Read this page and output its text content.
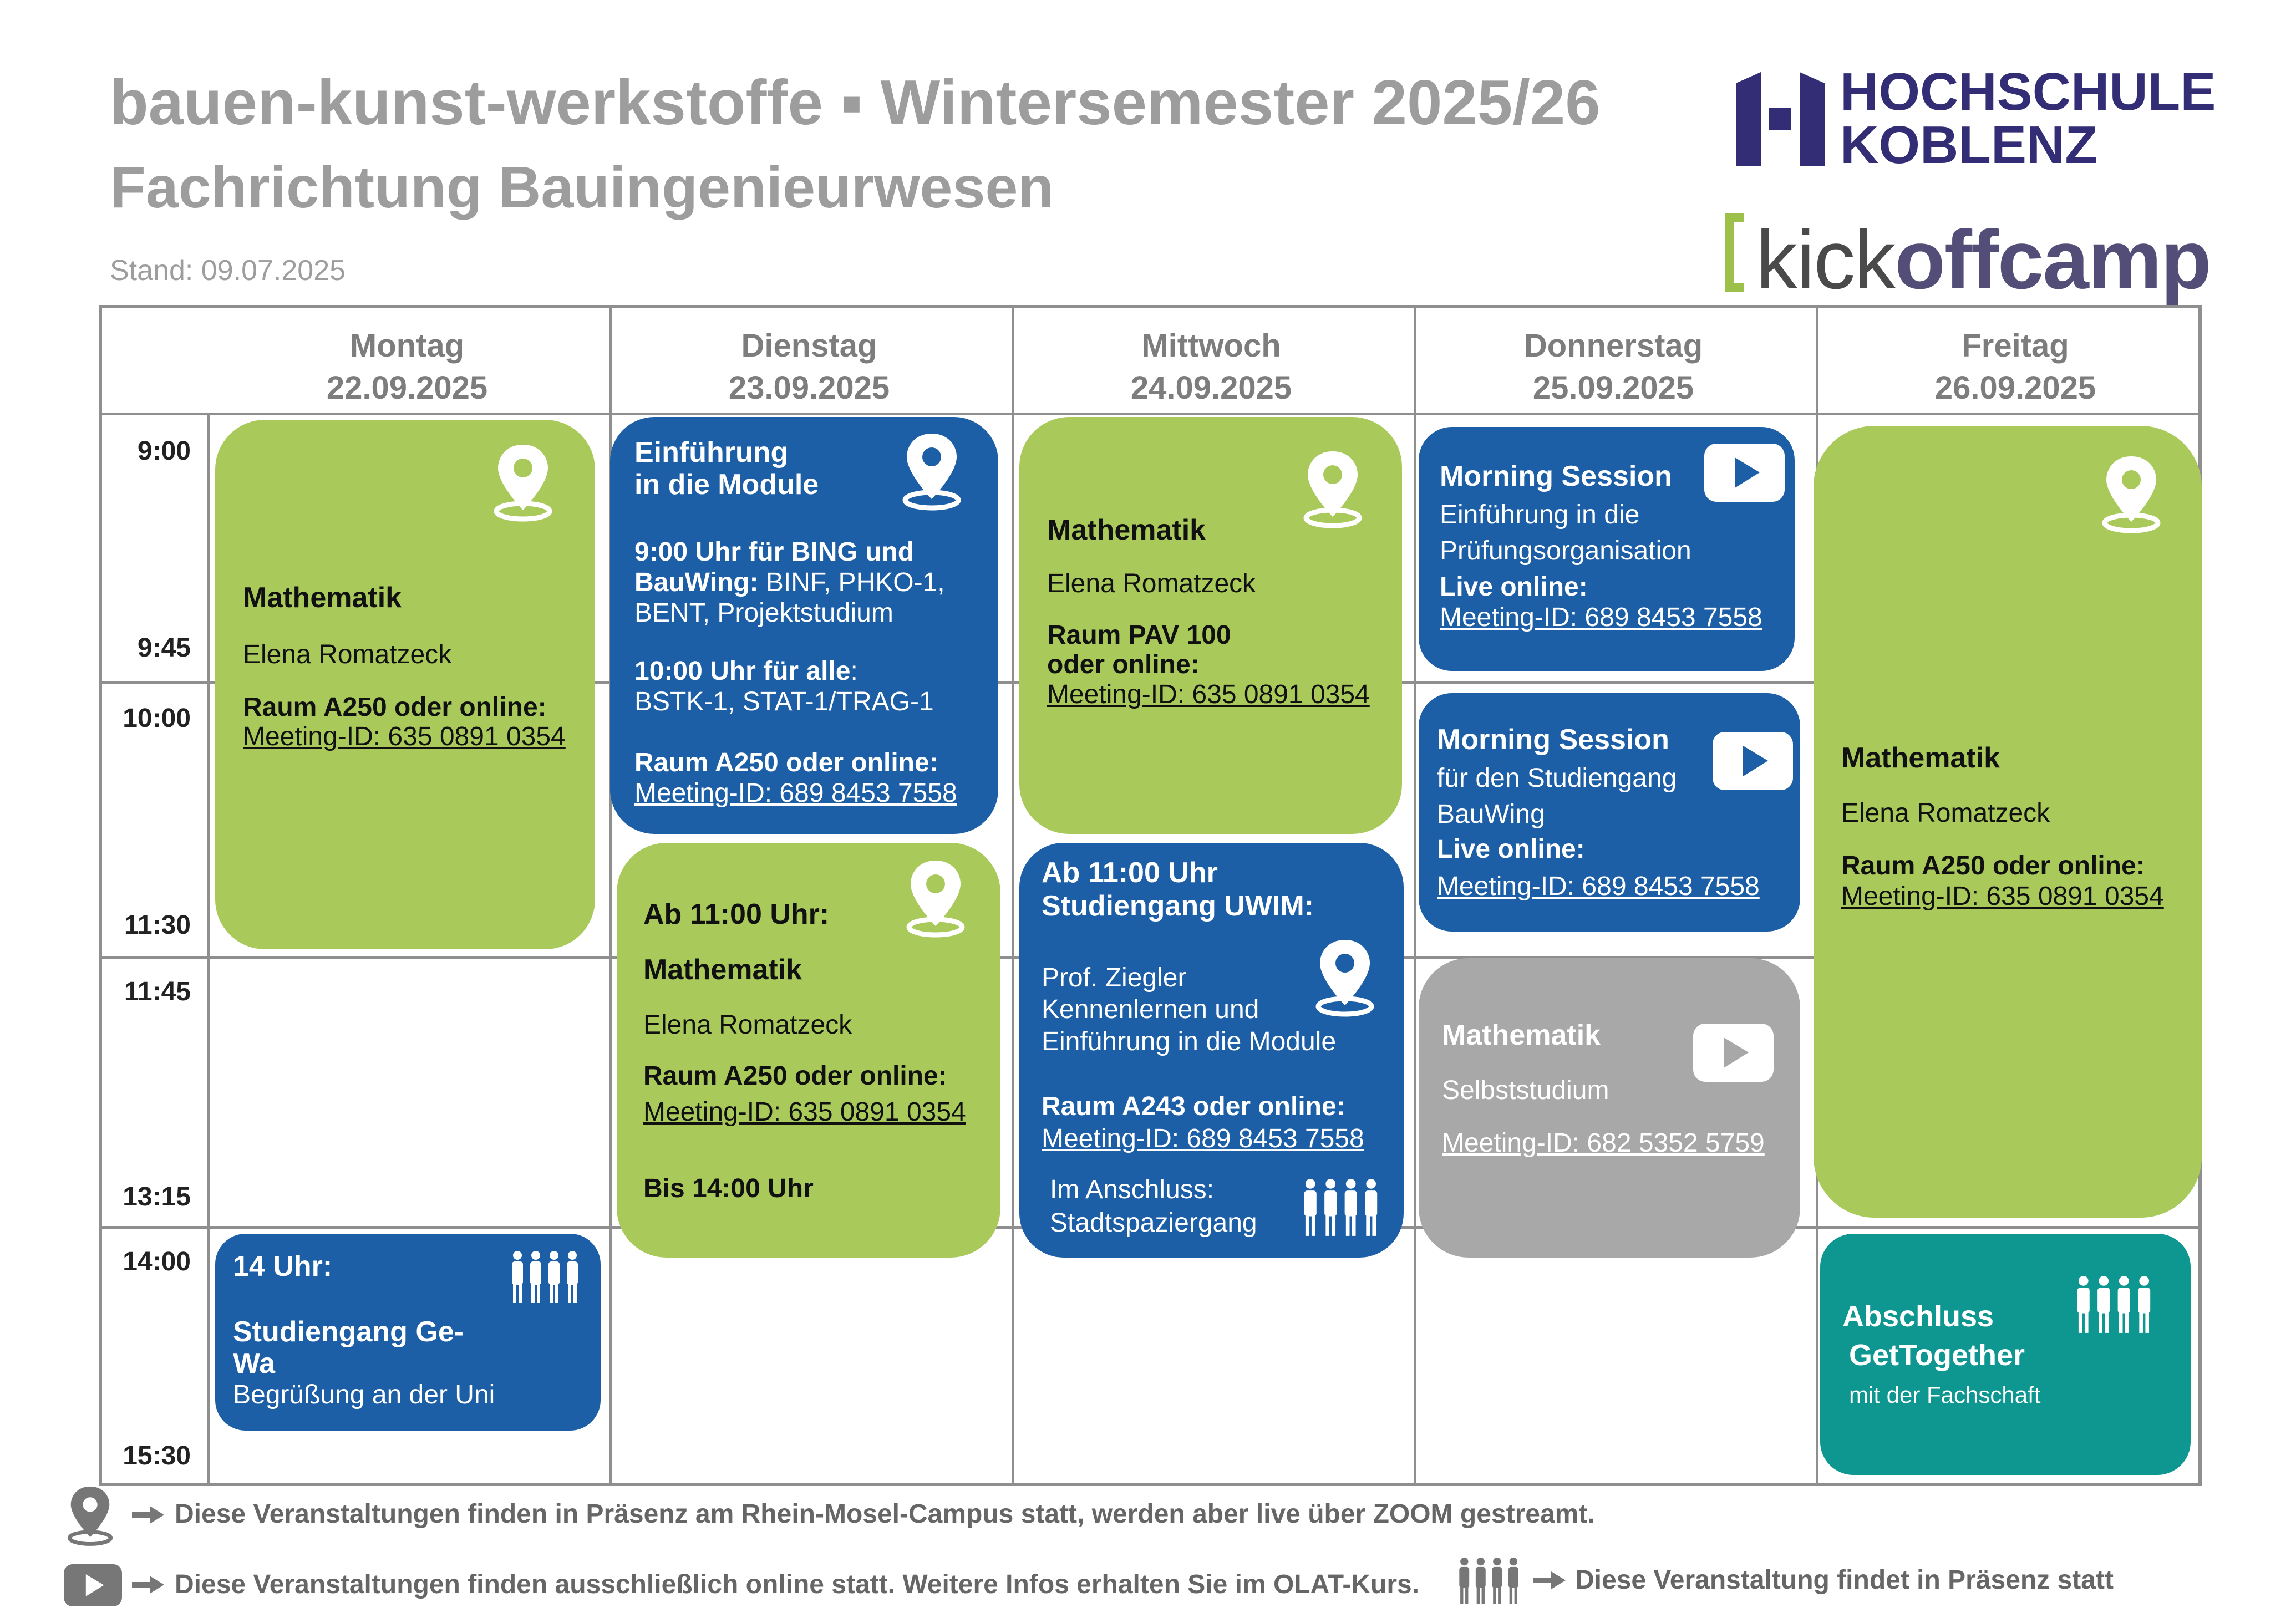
bauen-kunst-werkstoffe ▪ Wintersemester 2025/26
Fachrichtung Bauingenieurwesen
Stand: 09.07.2025
HOCHSCHULE
KOBLENZ
kickoffcamp
Montag
22.09.2025
Dienstag
23.09.2025
Mittwoch
24.09.2025
Donnerstag
25.09.2025
Freitag
26.09.2025
9:00
9:45
10:00
11:30
11:45
13:15
14:00
15:30
Mathematik
Elena Romatzeck
Raum A250 oder online:
Meeting-ID: 635 0891 0354
14 Uhr:
Studiengang Ge-
Wa
Begrüßung an der Uni
Einführung
in die Module
9:00 Uhr für BING und
BauWing: BINF, PHKO-1,
BENT, Projektstudium
10:00 Uhr für alle:
BSTK-1, STAT-1/TRAG-1
Raum A250 oder online:
Meeting-ID: 689 8453 7558
Ab 11:00 Uhr:
Mathematik
Elena Romatzeck
Raum A250 oder online:
Meeting-ID: 635 0891 0354
Bis 14:00 Uhr
Mathematik
Elena Romatzeck
Raum PAV 100
oder online:
Meeting-ID: 635 0891 0354
Ab 11:00 Uhr
Studiengang UWIM:
Prof. Ziegler
Kennenlernen und
Einführung in die Module
Raum A243 oder online:
Meeting-ID: 689 8453 7558
Im Anschluss:
Stadtspaziergang
Morning Session
Einführung in die
Prüfungsorganisation
Live online:
Meeting-ID: 689 8453 7558
Morning Session
für den Studiengang
BauWing
Live online:
Meeting-ID: 689 8453 7558
Mathematik
Selbststudium
Meeting-ID: 682 5352 5759
Mathematik
Elena Romatzeck
Raum A250 oder online:
Meeting-ID: 635 0891 0354
Abschluss
GetTogether
mit der Fachschaft
Diese Veranstaltungen finden in Präsenz am Rhein-Mosel-Campus statt, werden aber live über ZOOM gestreamt.
Diese Veranstaltungen finden ausschließlich online statt. Weitere Infos erhalten Sie im OLAT-Kurs.	Diese Veranstaltung findet in Präsenz statt
